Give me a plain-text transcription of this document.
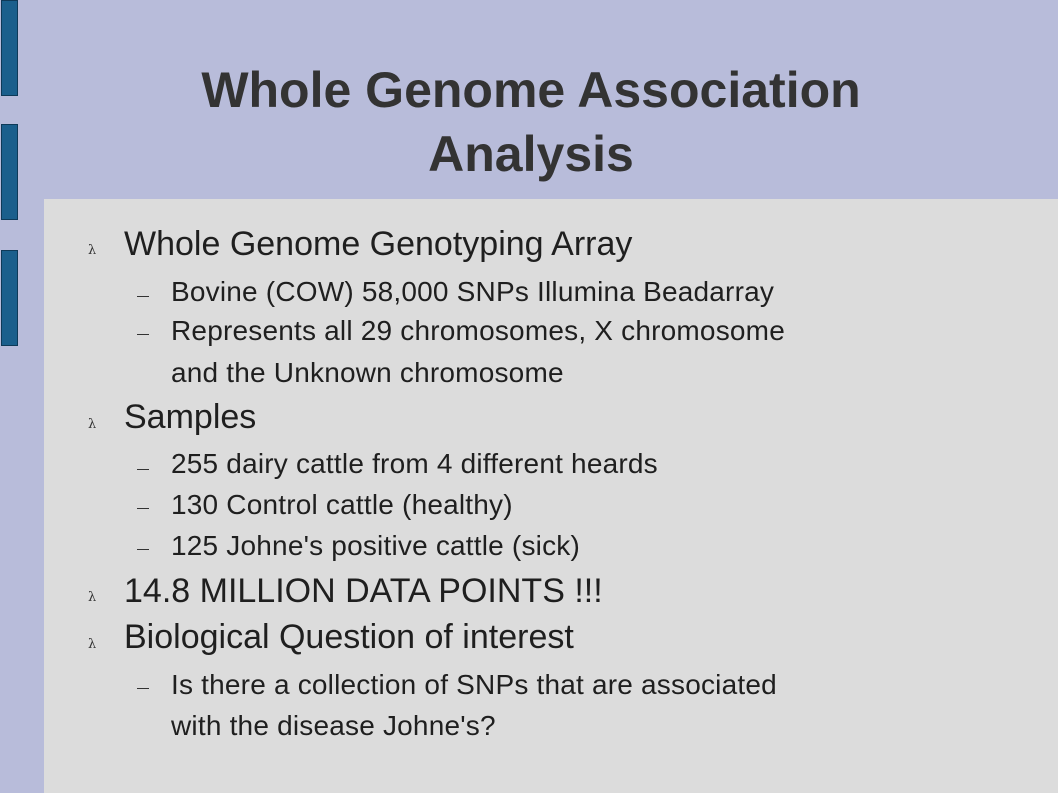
Whole Genome Association
Analysis
λ Whole Genome Genotyping Array

Bovine (COW) 58,000 SNPs Illumina Beadarray

Represents all 29 chromosomes, X chromosome

and the Unknown chromosome

λ Samples

255 dairy cattle from 4 different heards

130 Control cattle (healthy)

125 Johne's positive cattle (sick)

λ 14.8 MILLION DATA POINTS !!!

λ Biological Question of interest

Is there a collection of SNPs that are associated

with the disease Johne's?
